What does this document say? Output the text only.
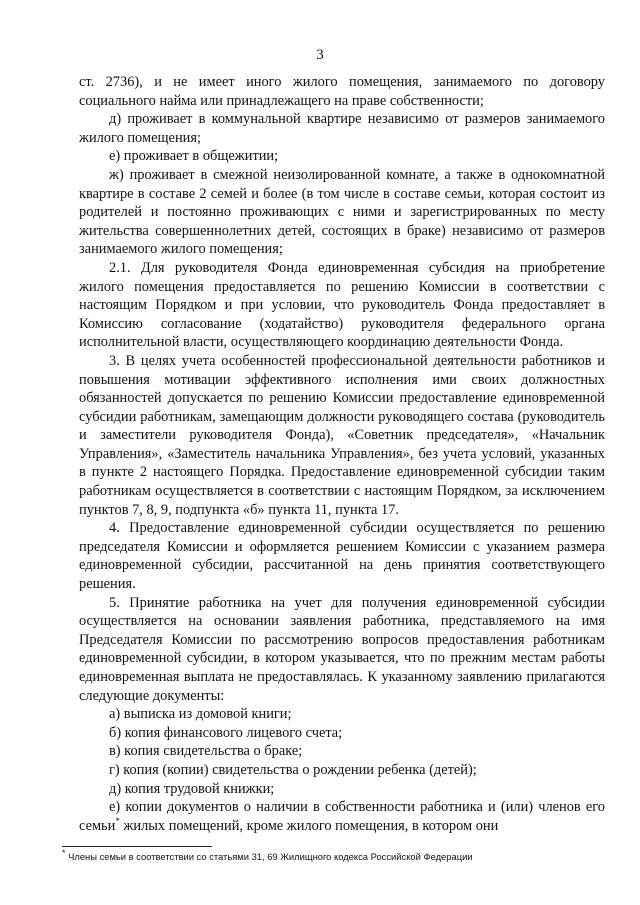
3

ст. 2736), и не имеет иного жилого помещения, занимаемого по договору социального найма или принадлежащего на праве собственности;

д) проживает в коммунальной квартире независимо от размеров занимаемого жилого помещения;

е) проживает в общежитии;

ж) проживает в смежной неизолированной комнате, а также в однокомнатной квартире в составе 2 семей и более (в том числе в составе семьи, которая состоит из родителей и постоянно проживающих с ними и зарегистрированных по месту жительства совершеннолетних детей, состоящих в браке) независимо от размеров занимаемого жилого помещения;

2.1. Для руководителя Фонда единовременная субсидия на приобретение жилого помещения предоставляется по решению Комиссии в соответствии с настоящим Порядком и при условии, что руководитель Фонда предоставляет в Комиссию согласование (ходатайство) руководителя федерального органа исполнительной власти, осуществляющего координацию деятельности Фонда.

3. В целях учета особенностей профессиональной деятельности работников и повышения мотивации эффективного исполнения ими своих должностных обязанностей допускается по решению Комиссии предоставление единовременной субсидии работникам, замещающим должности руководящего состава (руководитель и заместители руководителя Фонда), «Советник председателя», «Начальник Управления», «Заместитель начальника Управления», без учета условий, указанных в пункте 2 настоящего Порядка. Предоставление единовременной субсидии таким работникам осуществляется в соответствии с настоящим Порядком, за исключением пунктов 7, 8, 9, подпункта «б» пункта 11, пункта 17.

4. Предоставление единовременной субсидии осуществляется по решению председателя Комиссии и оформляется решением Комиссии с указанием размера единовременной субсидии, рассчитанной на день принятия соответствующего решения.

5. Принятие работника на учет для получения единовременной субсидии осуществляется на основании заявления работника, представляемого на имя Председателя Комиссии по рассмотрению вопросов предоставления работникам единовременной субсидии, в котором указывается, что по прежним местам работы единовременная выплата не предоставлялась. К указанному заявлению прилагаются следующие документы:

а) выписка из домовой книги;

б) копия финансового лицевого счета;

в) копия свидетельства о браке;

г) копия (копии) свидетельства о рождении ребенка (детей);

д) копия трудовой книжки;

е) копии документов о наличии в собственности работника и (или) членов его семьи* жилых помещений, кроме жилого помещения, в котором они

* Члены семьи в соответствии со статьями 31, 69 Жилищного кодекса Российской Федерации
